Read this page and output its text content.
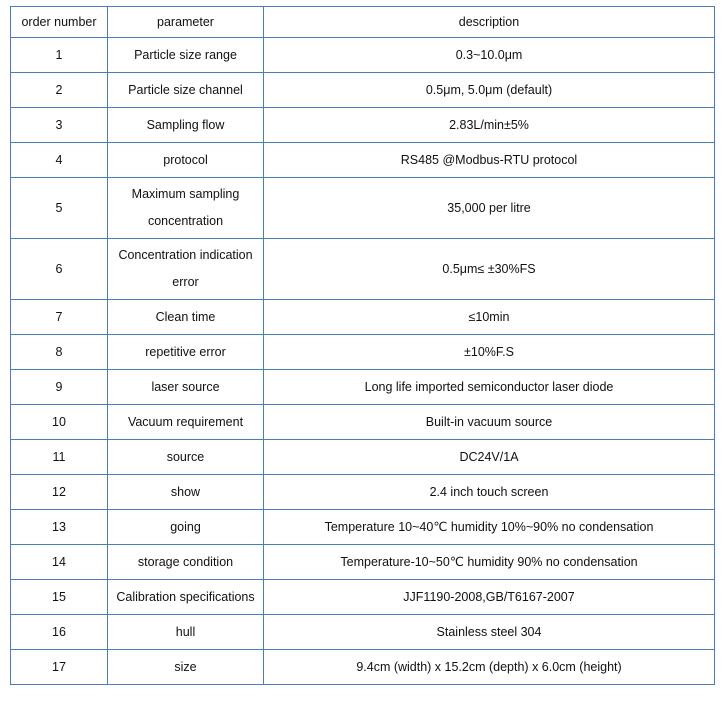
order number	parameter	description
1	Particle size range	0.3~10.0μm
2	Particle size channel	0.5μm, 5.0μm (default)
3	Sampling flow	2.83L/min±5%
4	protocol	RS485 @Modbus-RTU protocol
5	Maximum sampling concentration	35,000 per litre
6	Concentration indication error	0.5μm≤ ±30%FS
7	Clean time	≤10min
8	repetitive error	±10%F.S
9	laser source	Long life imported semiconductor laser diode
10	Vacuum requirement	Built-in vacuum source
11	source	DC24V/1A
12	show	2.4 inch touch screen
13	going	Temperature 10~40℃ humidity 10%~90% no condensation
14	storage condition	Temperature-10~50℃ humidity 90% no condensation
15	Calibration specifications	JJF1190-2008,GB/T6167-2007
16	hull	Stainless steel 304
17	size	9.4cm (width) x 15.2cm (depth) x 6.0cm (height)
